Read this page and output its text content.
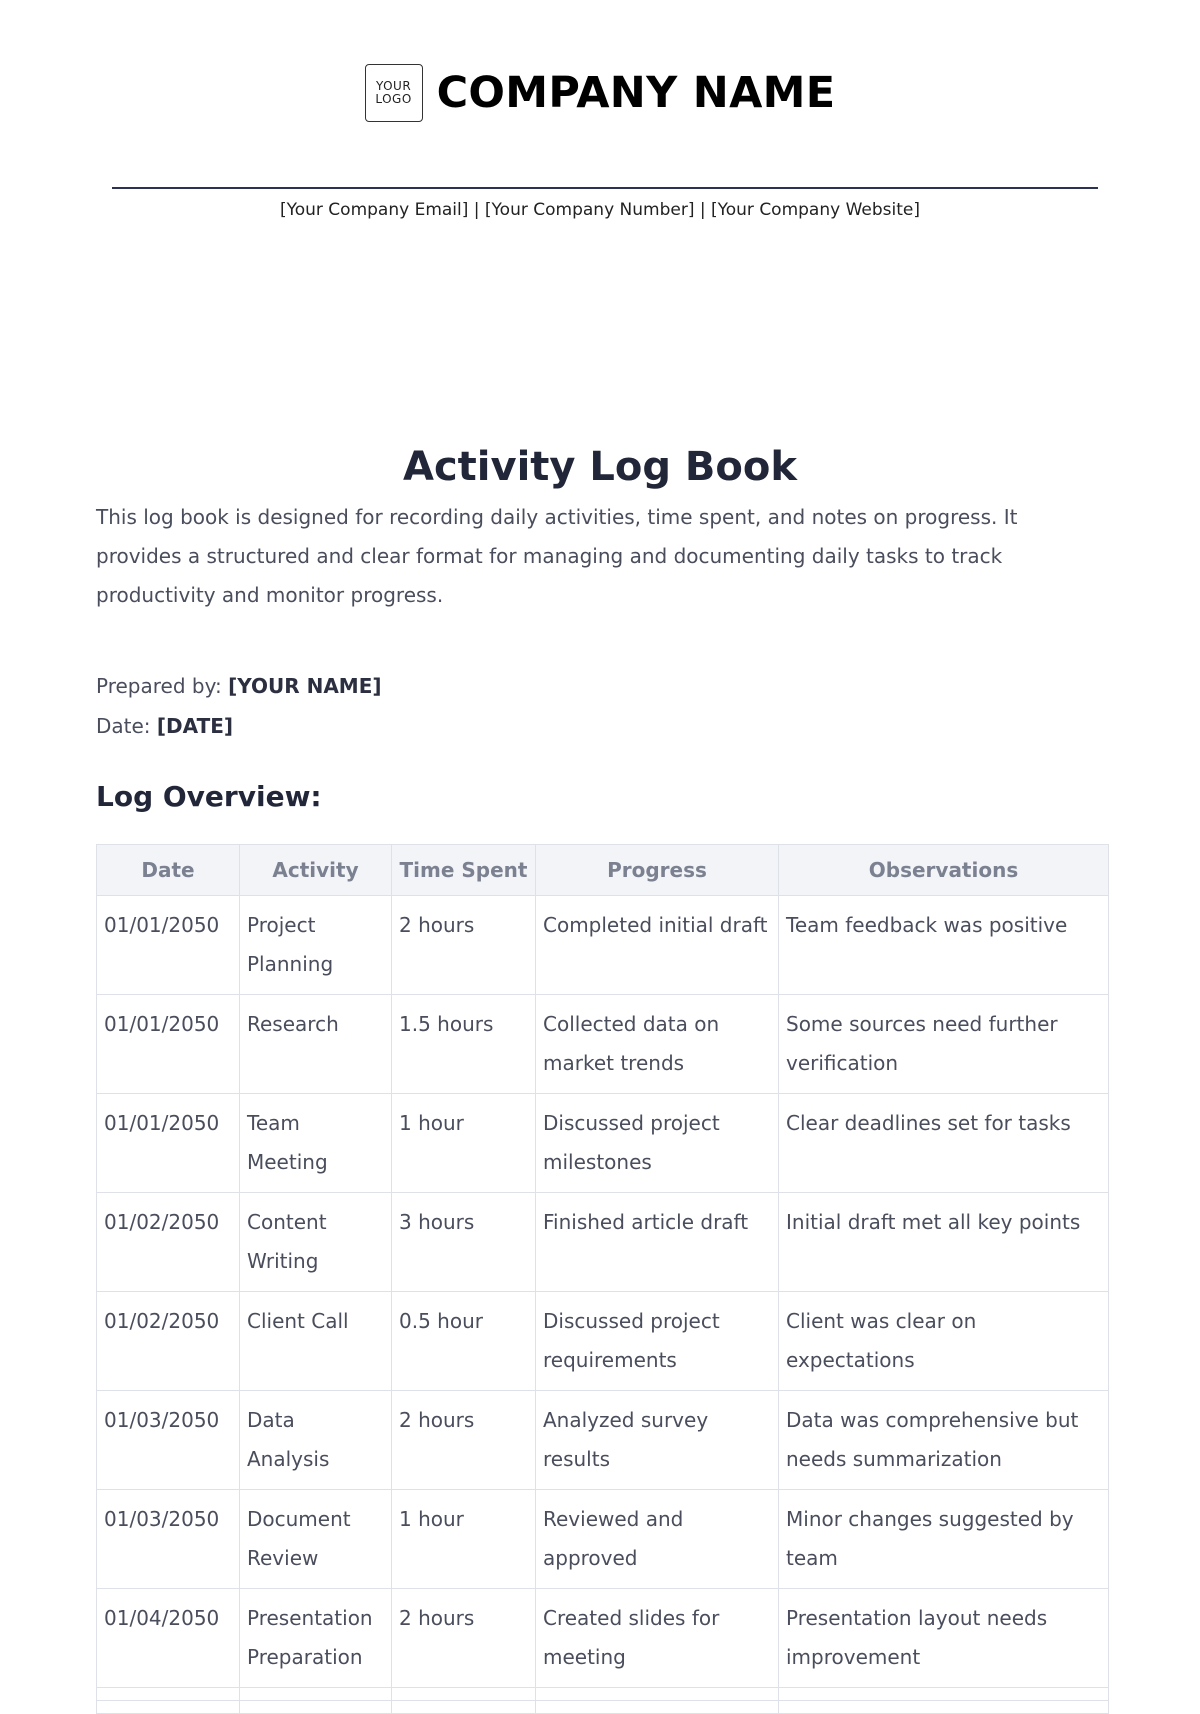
YOUR
LOGO COMPANY NAME
[Your Company Email] | [Your Company Number] | [Your Company Website]
Activity Log Book

This log book is designed for recording daily activities, time spent, and notes on progress. It provides a structured and clear format for managing and documenting daily tasks to track productivity and monitor progress.

Prepared by: [YOUR NAME]
Date: [DATE]
Log Overview:
Date	Activity	Time Spent	Progress	Observations
01/01/2050	Project Planning	2 hours	Completed initial draft	Team feedback was positive
01/01/2050	Research	1.5 hours	Collected data on market trends	Some sources need further verification
01/01/2050	Team Meeting	1 hour	Discussed project milestones	Clear deadlines set for tasks
01/02/2050	Content Writing	3 hours	Finished article draft	Initial draft met all key points
01/02/2050	Client Call	0.5 hour	Discussed project requirements	Client was clear on expectations
01/03/2050	Data Analysis	2 hours	Analyzed survey results	Data was comprehensive but needs summarization
01/03/2050	Document Review	1 hour	Reviewed and approved	Minor changes suggested by team
01/04/2050	Presentation Preparation	2 hours	Created slides for meeting	Presentation layout needs improvement
